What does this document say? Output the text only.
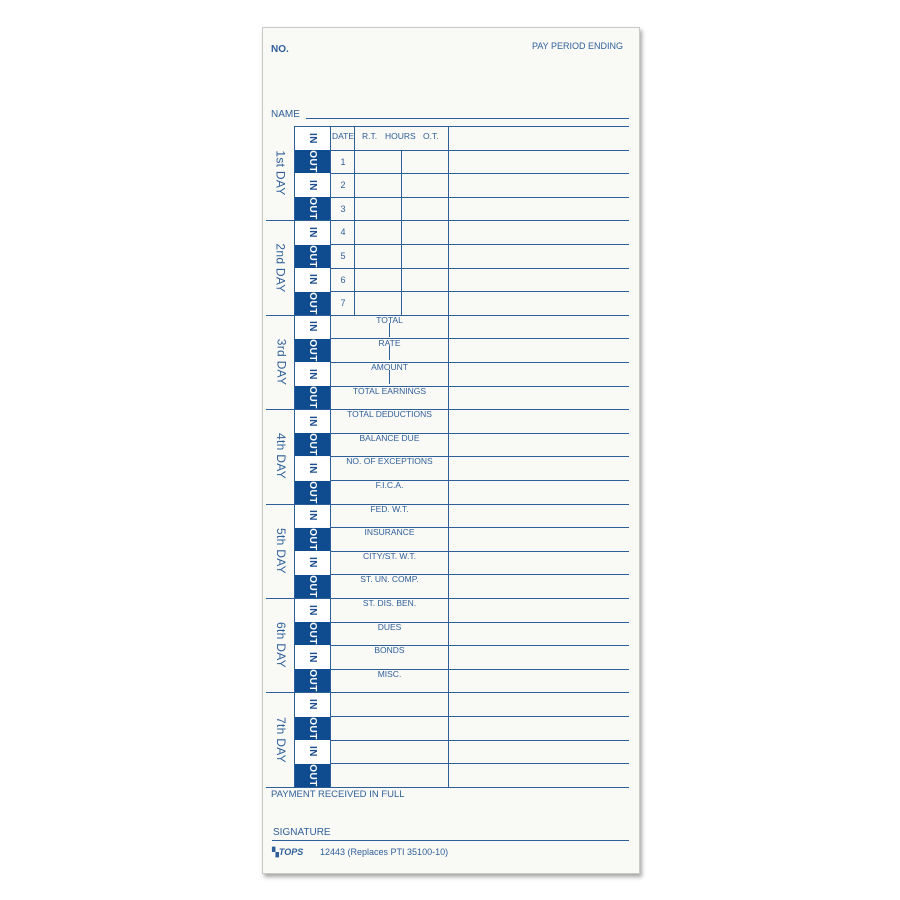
NO.	PAY PERIOD ENDING
NAME
DATE R.T. HOURS O.T.
PAYMENT RECEIVED IN FULL
SIGNATURE
▚TOPS 12443 (Replaces PTI 35100-10)
IN
OUT
IN
OUT
IN
OUT
IN
OUT
IN
OUT
IN
OUT
IN
OUT
IN
OUT
IN
OUT
IN
OUT
IN
OUT
IN
OUT
IN
OUT
IN
OUT
1st DAY
2nd DAY
3rd DAY
4th DAY
5th DAY
6th DAY
7th DAY
1
2
3
4
5
6
7
TOTAL
RATE
AMOUNT
TOTAL EARNINGS
TOTAL DEDUCTIONS
BALANCE DUE
NO. OF EXCEPTIONS
F.I.C.A.
FED. W.T.
INSURANCE
CITY/ST. W.T.
ST. UN. COMP.
ST. DIS. BEN.
DUES
BONDS
MISC.
